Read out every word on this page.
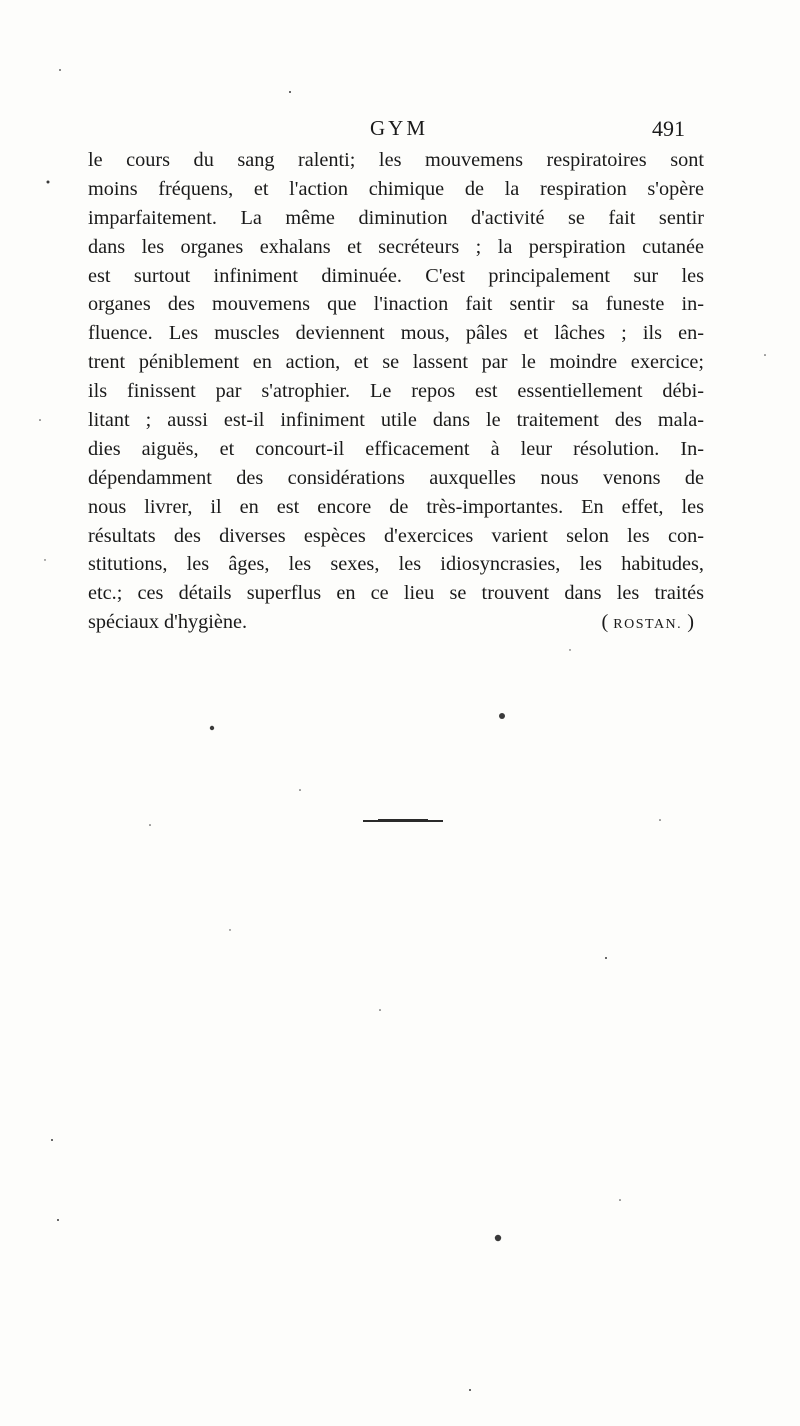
GYM	491
le cours du sang ralenti; les mouvemens respiratoires sont
moins fréquens, et l'action chimique de la respiration s'opère
imparfaitement. La même diminution d'activité se fait sentir
dans les organes exhalans et secréteurs ; la perspiration cutanée
est surtout infiniment diminuée. C'est principalement sur les
organes des mouvemens que l'inaction fait sentir sa funeste in-
fluence. Les muscles deviennent mous, pâles et lâches ; ils en-
trent péniblement en action, et se lassent par le moindre exercice;
ils finissent par s'atrophier. Le repos est essentiellement débi-
litant ; aussi est-il infiniment utile dans le traitement des mala-
dies aiguës, et concourt-il efficacement à leur résolution. In-
dépendamment des considérations auxquelles nous venons de
nous livrer, il en est encore de très-importantes. En effet, les
résultats des diverses espèces d'exercices varient selon les con-
stitutions, les âges, les sexes, les idiosyncrasies, les habitudes,
etc.; ces détails superflus en ce lieu se trouvent dans les traités
spéciaux d'hygiène.	( ROSTAN. )
